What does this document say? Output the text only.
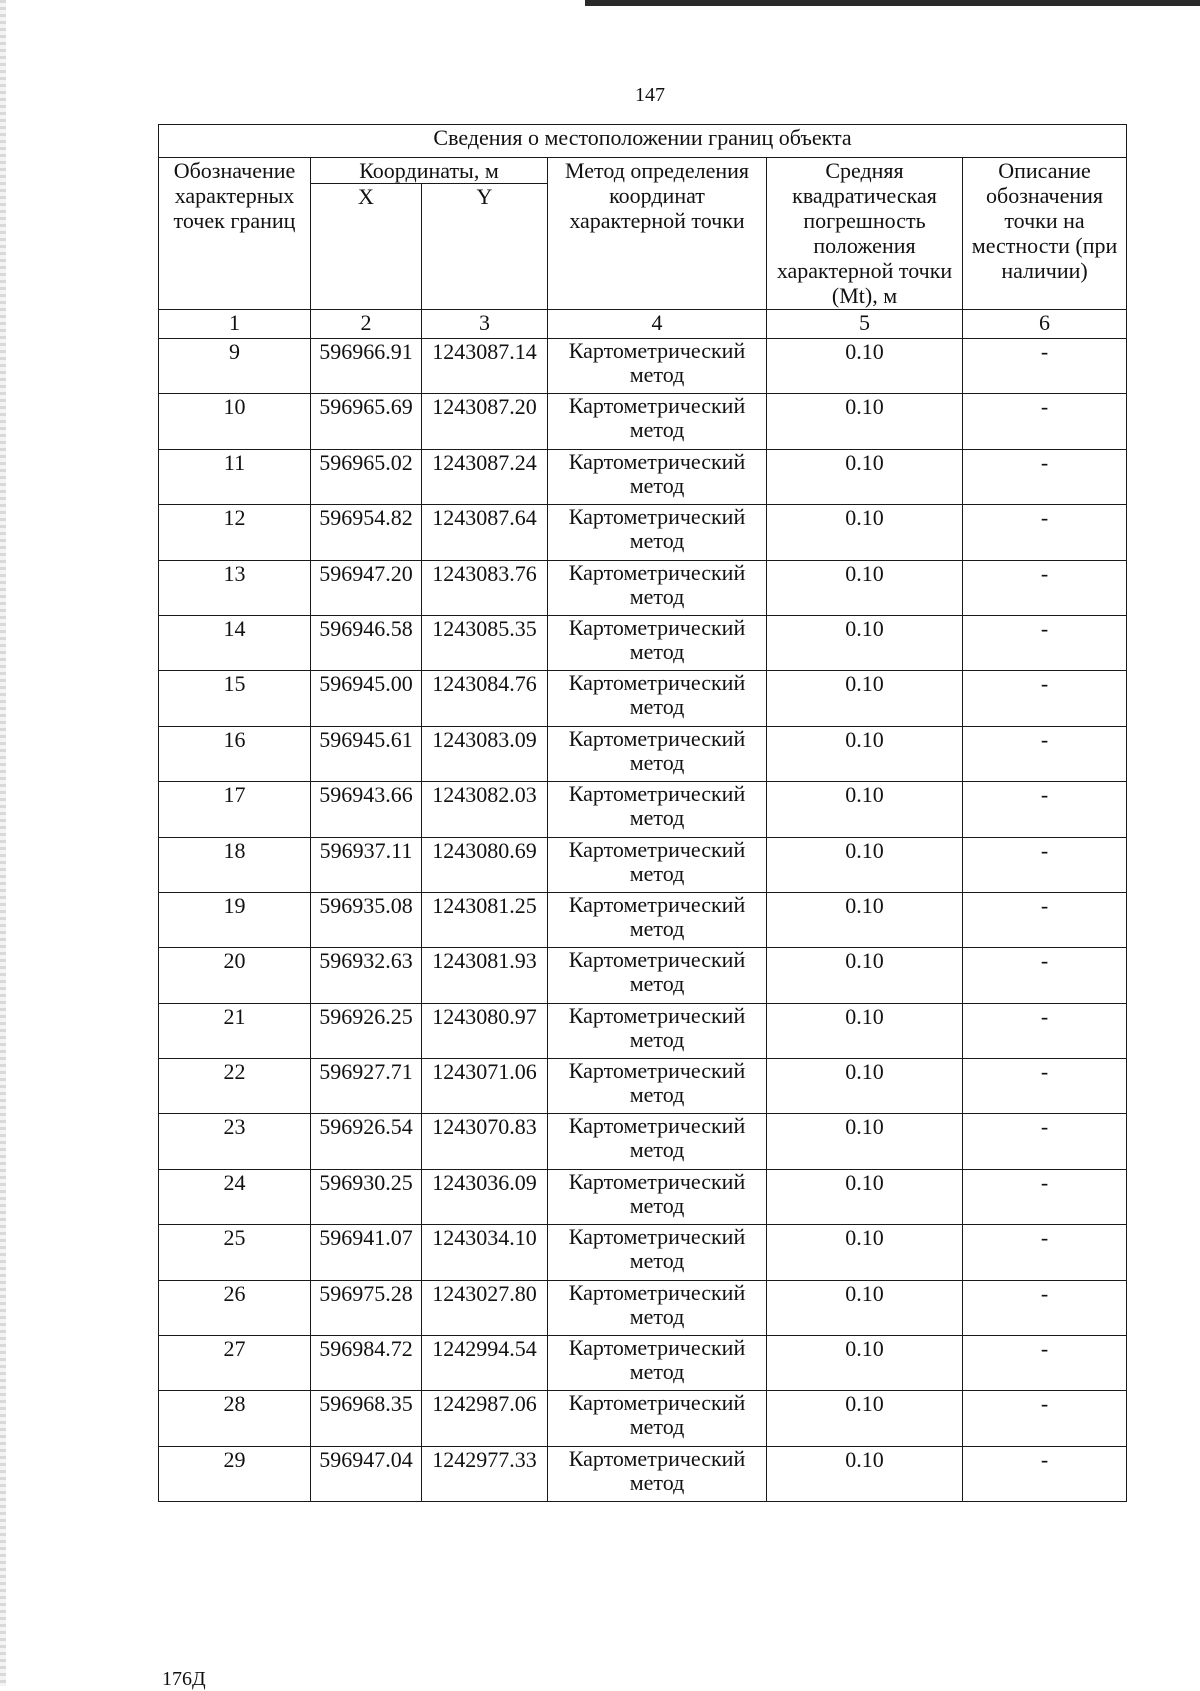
147
Сведения о местоположении границ объекта					
Обозначение характерных точек границ	Координаты, м		Метод определения координат характерной точки	Средняя квадратическая погрешность положения характерной точки (Mt), м	Описание обозначения точки на местности (при наличии)
	X	Y			
1	2	3	4	5	6
9	596966.91	1243087.14	Картометрический метод	0.10	-
10	596965.69	1243087.20	Картометрический метод	0.10	-
11	596965.02	1243087.24	Картометрический метод	0.10	-
12	596954.82	1243087.64	Картометрический метод	0.10	-
13	596947.20	1243083.76	Картометрический метод	0.10	-
14	596946.58	1243085.35	Картометрический метод	0.10	-
15	596945.00	1243084.76	Картометрический метод	0.10	-
16	596945.61	1243083.09	Картометрический метод	0.10	-
17	596943.66	1243082.03	Картометрический метод	0.10	-
18	596937.11	1243080.69	Картометрический метод	0.10	-
19	596935.08	1243081.25	Картометрический метод	0.10	-
20	596932.63	1243081.93	Картометрический метод	0.10	-
21	596926.25	1243080.97	Картометрический метод	0.10	-
22	596927.71	1243071.06	Картометрический метод	0.10	-
23	596926.54	1243070.83	Картометрический метод	0.10	-
24	596930.25	1243036.09	Картометрический метод	0.10	-
25	596941.07	1243034.10	Картометрический метод	0.10	-
26	596975.28	1243027.80	Картометрический метод	0.10	-
27	596984.72	1242994.54	Картометрический метод	0.10	-
28	596968.35	1242987.06	Картометрический метод	0.10	-
29	596947.04	1242977.33	Картометрический метод	0.10	-
176Д
